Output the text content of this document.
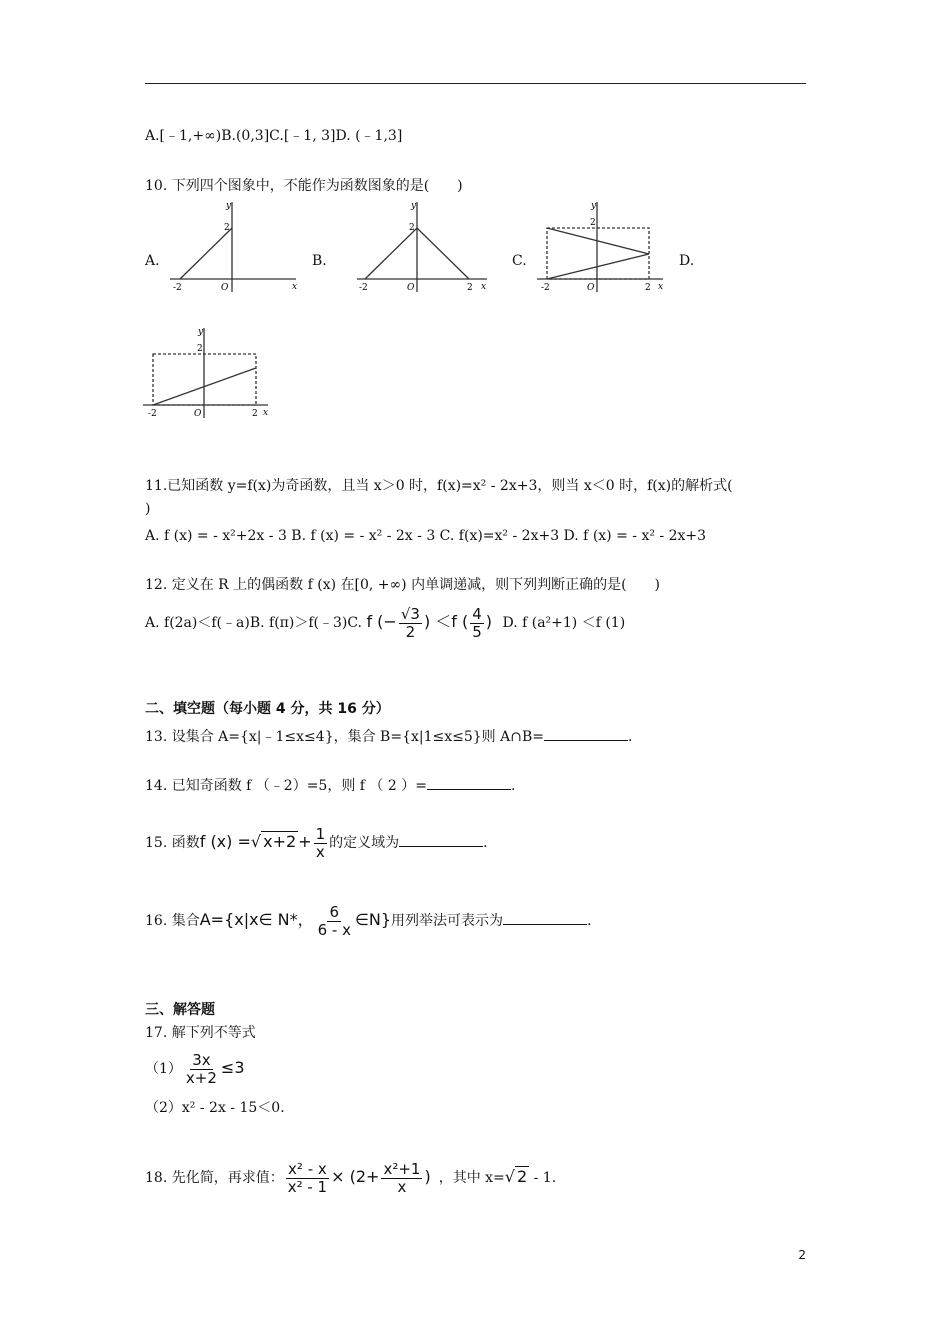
A.[﹣1,+∞)B.(0,3]C.[﹣1, 3]D. (﹣1,3]
10. 下列四个图象中，不能作为函数图象的是(　　)
A.	B.	C.	D.
y
x
O
2
-2
y
x
O
2
-2	2
y
x
O
2
-2	2
y
x
O
2
-2	2
11.已知函数 y=f(x)为奇函数，且当 x＞0 时，f(x)=x² - 2x+3，则当 x＜0 时，f(x)的解析式(
)
A. f (x) = - x²+2x - 3 B. f (x) = - x² - 2x - 3 C. f(x)=x² - 2x+3 D. f (x) = - x² - 2x+3
12. 定义在 R 上的偶函数 f (x) 在[0, +∞) 内单调递减，则下列判断正确的是(　　)
A. f(2a)＜f(﹣a)B. f(π)＞f(﹣3)C. f (− $\frac{√3}{2}$ ) ＜f ( $\frac{4}{5}$ ) D. f (a²+1) ＜f (1)
二、填空题（每小题 4 分，共 16 分）
13. 设集合 A={x|﹣1≤x≤4}，集合 B={x|1≤x≤5}则 A∩B=	.
14. 已知奇函数 f （﹣2）=5，则 f （ 2 ）=	.
15. 函数f (x) =√ $x+2 + \frac{1}{x}$ 的定义域为	.
16. 集合A={x|x∈ N*， $\frac{6}{6 - x}$ ∈N}用列举法可表示为	.
三、解答题
17. 解下列不等式
$(1) \frac{3x}{x+2} \le 3$
（2）x² - 2x - 15＜0.
18. 先化简，再求值： $\frac{\text{x² - x}}{\text{x² - 1}} \times (2+ \frac{\text{x²+1}}{x}$ ) ，其中 x=√ 2 - 1.
2
